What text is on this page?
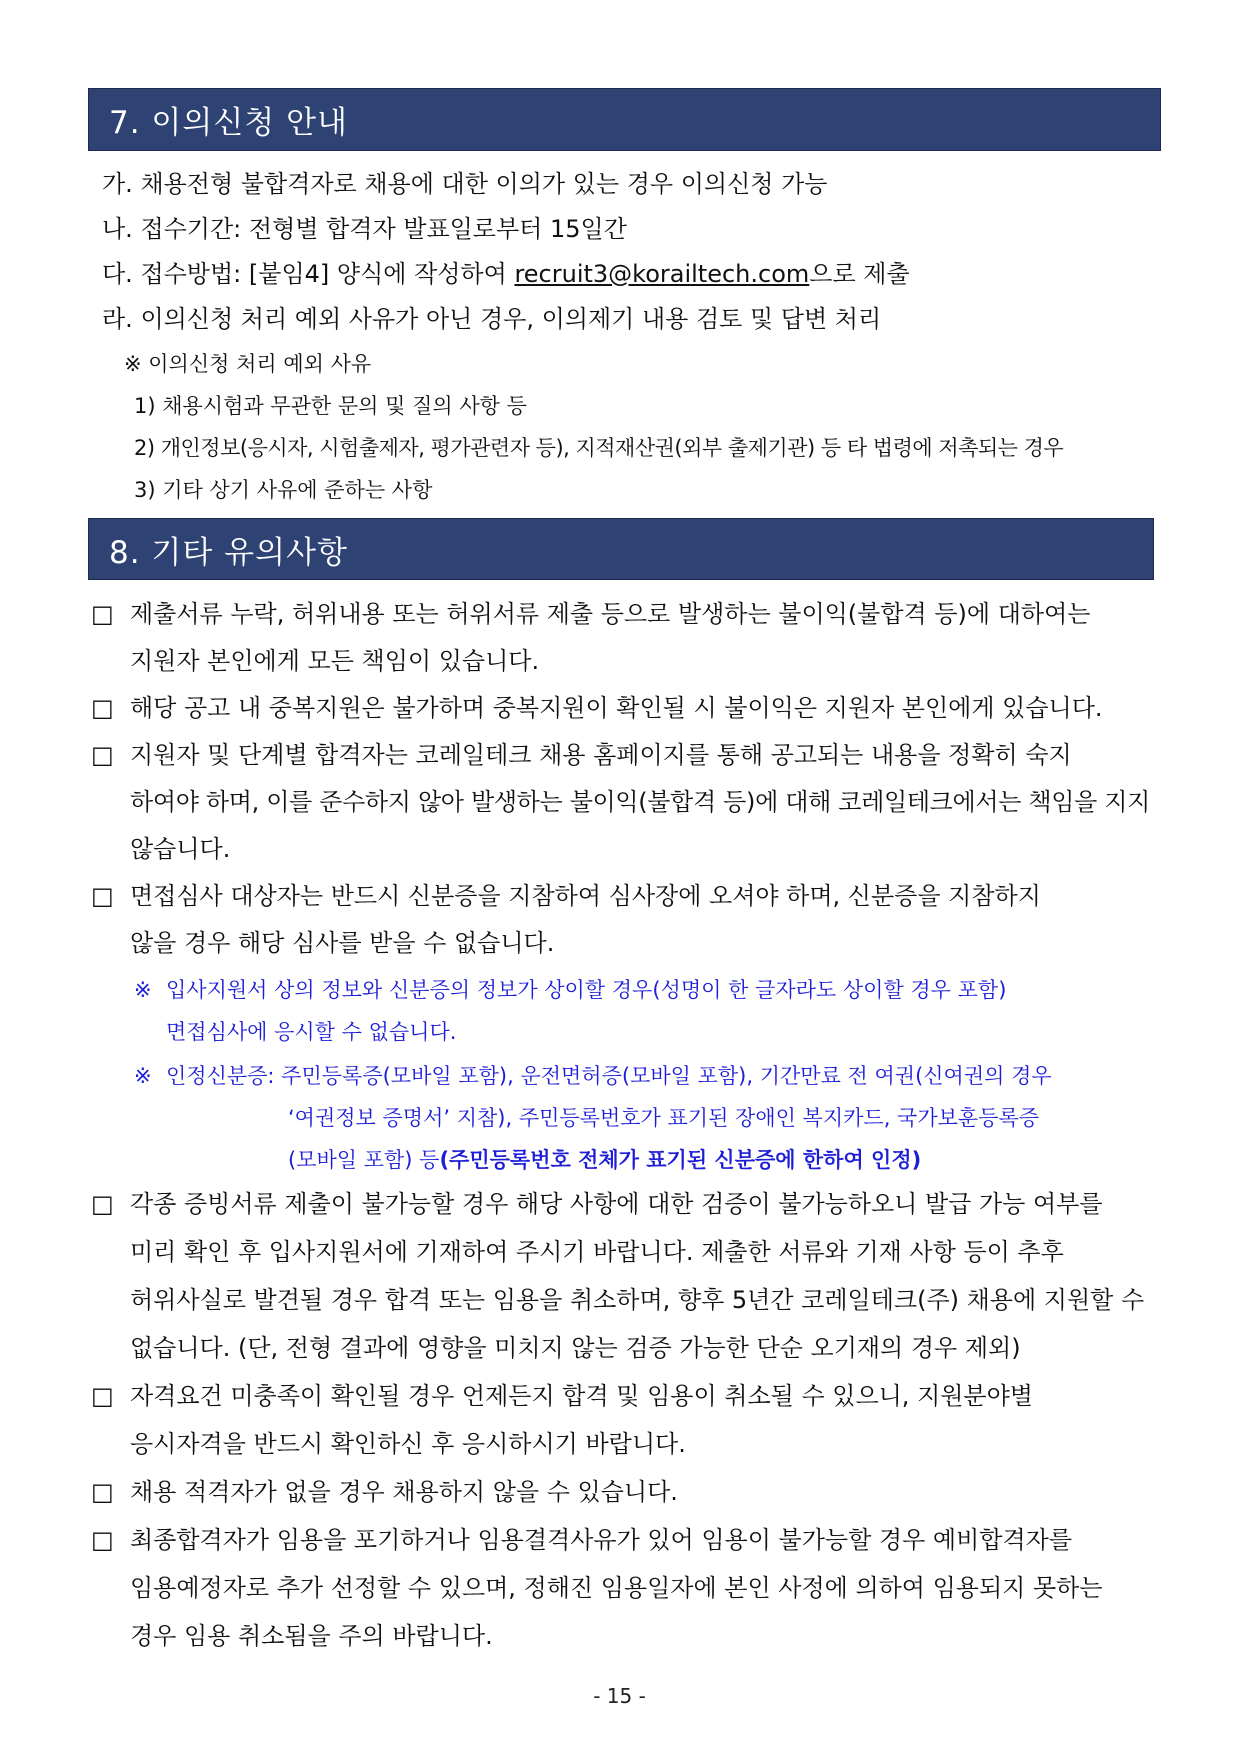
7. 이의신청 안내
가. 채용전형 불합격자로 채용에 대한 이의가 있는 경우 이의신청 가능
나. 접수기간: 전형별 합격자 발표일로부터 15일간
다. 접수방법: [붙임4] 양식에 작성하여 recruit3@korailtech.com으로 제출
라. 이의신청 처리 예외 사유가 아닌 경우, 이의제기 내용 검토 및 답변 처리
※ 이의신청 처리 예외 사유
1) 채용시험과 무관한 문의 및 질의 사항 등
2) 개인정보(응시자, 시험출제자, 평가관련자 등), 지적재산권(외부 출제기관) 등 타 법령에 저촉되는 경우
3) 기타 상기 사유에 준하는 사항
8. 기타 유의사항
□ 제출서류 누락, 허위내용 또는 허위서류 제출 등으로 발생하는 불이익(불합격 등)에 대하여는
지원자 본인에게 모든 책임이 있습니다.
□ 해당 공고 내 중복지원은 불가하며 중복지원이 확인될 시 불이익은 지원자 본인에게 있습니다.
□ 지원자 및 단계별 합격자는 코레일테크 채용 홈페이지를 통해 공고되는 내용을 정확히 숙지
하여야 하며, 이를 준수하지 않아 발생하는 불이익(불합격 등)에 대해 코레일테크에서는 책임을 지지
않습니다.
□ 면접심사 대상자는 반드시 신분증을 지참하여 심사장에 오셔야 하며, 신분증을 지참하지
않을 경우 해당 심사를 받을 수 없습니다.
※ 입사지원서 상의 정보와 신분증의 정보가 상이할 경우(성명이 한 글자라도 상이할 경우 포함)
면접심사에 응시할 수 없습니다.
※ 인정신분증: 주민등록증(모바일 포함), 운전면허증(모바일 포함), 기간만료 전 여권(신여권의 경우
‘여권정보 증명서’ 지참), 주민등록번호가 표기된 장애인 복지카드, 국가보훈등록증
(모바일 포함) 등(주민등록번호 전체가 표기된 신분증에 한하여 인정)
□ 각종 증빙서류 제출이 불가능할 경우 해당 사항에 대한 검증이 불가능하오니 발급 가능 여부를
미리 확인 후 입사지원서에 기재하여 주시기 바랍니다. 제출한 서류와 기재 사항 등이 추후
허위사실로 발견될 경우 합격 또는 임용을 취소하며, 향후 5년간 코레일테크(주) 채용에 지원할 수
없습니다. (단, 전형 결과에 영향을 미치지 않는 검증 가능한 단순 오기재의 경우 제외)
□ 자격요건 미충족이 확인될 경우 언제든지 합격 및 임용이 취소될 수 있으니, 지원분야별
응시자격을 반드시 확인하신 후 응시하시기 바랍니다.
□ 채용 적격자가 없을 경우 채용하지 않을 수 있습니다.
□ 최종합격자가 임용을 포기하거나 임용결격사유가 있어 임용이 불가능할 경우 예비합격자를
임용예정자로 추가 선정할 수 있으며, 정해진 임용일자에 본인 사정에 의하여 임용되지 못하는
경우 임용 취소됨을 주의 바랍니다.
- 15 -
